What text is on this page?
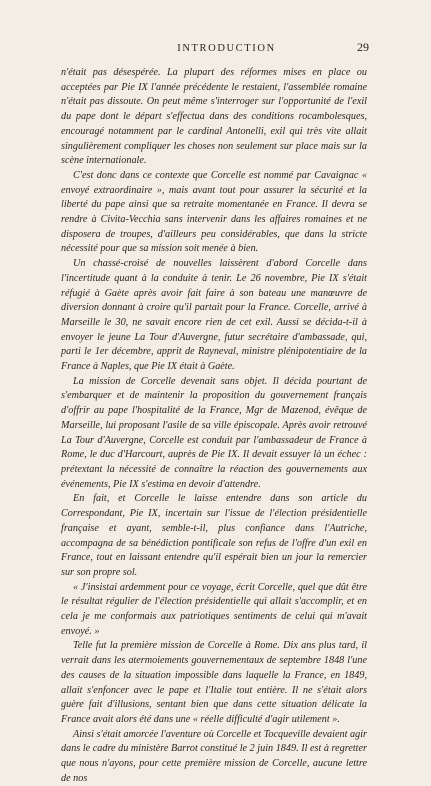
INTRODUCTION	29

n'était pas désespérée. La plupart des réformes mises en place ou acceptées par Pie IX l'année précédente le restaient, l'assemblée romaine n'était pas dissoute. On peut même s'interroger sur l'opportunité de l'exil du pape dont le départ s'effectua dans des conditions rocambolesques, encouragé notamment par le cardinal Antonelli, exil qui très vite allait singulièrement compliquer les choses non seulement sur place mais sur la scène internationale.

C'est donc dans ce contexte que Corcelle est nommé par Cavaignac « envoyé extraordinaire », mais avant tout pour assurer la sécurité et la liberté du pape ainsi que sa retraite momentanée en France. Il devra se rendre à Civita-Vecchia sans intervenir dans les affaires romaines et ne disposera de troupes, d'ailleurs peu considérables, que dans la stricte nécessité pour que sa mission soit menée à bien.

Un chassé-croisé de nouvelles laissèrent d'abord Corcelle dans l'incertitude quant à la conduite à tenir. Le 26 novembre, Pie IX s'était réfugié à Gaète après avoir fait faire à son bateau une manœuvre de diversion donnant à croire qu'il partait pour la France. Corcelle, arrivé à Marseille le 30, ne savait encore rien de cet exil. Aussi se décida-t-il à envoyer le jeune La Tour d'Auvergne, futur secrétaire d'ambassade, qui, parti le 1er décembre, apprit de Rayneval, ministre plénipotentiaire de la France à Naples, que Pie IX était à Gaète.

La mission de Corcelle devenait sans objet. Il décida pourtant de s'embarquer et de maintenir la proposition du gouvernement français d'offrir au pape l'hospitalité de la France, Mgr de Mazenod, évêque de Marseille, lui proposant l'asile de sa ville épiscopale. Après avoir retrouvé La Tour d'Auvergne, Corcelle est conduit par l'ambassadeur de France à Rome, le duc d'Harcourt, auprès de Pie IX. Il devait essuyer là un échec : prétextant la nécessité de connaître la réaction des gouvernements aux événements, Pie IX s'estima en devoir d'attendre.

En fait, et Corcelle le laisse entendre dans son article du Correspondant, Pie IX, incertain sur l'issue de l'élection présidentielle française et ayant, semble-t-il, plus confiance dans l'Autriche, accompagna de sa bénédiction pontificale son refus de l'offre d'un exil en France, tout en laissant entendre qu'il espérait bien un jour la remercier sur son propre sol.

« J'insistai ardemment pour ce voyage, écrit Corcelle, quel que dût être le résultat régulier de l'élection présidentielle qui allait s'accomplir, et en cela je me conformais aux patriotiques sentiments de celui qui m'avait envoyé. »

Telle fut la première mission de Corcelle à Rome. Dix ans plus tard, il verrait dans les atermoiements gouvernementaux de septembre 1848 l'une des causes de la situation impossible dans laquelle la France, en 1849, allait s'enfoncer avec le pape et l'Italie tout entière. Il ne s'était alors guère fait d'illusions, sentant bien que dans cette situation délicate la France avait alors été dans une « réelle difficulté d'agir utilement ».

Ainsi s'était amorcée l'aventure où Corcelle et Tocqueville devaient agir dans le cadre du ministère Barrot constitué le 2 juin 1849. Il est à regretter que nous n'ayons, pour cette première mission de Corcelle, aucune lettre de nos
